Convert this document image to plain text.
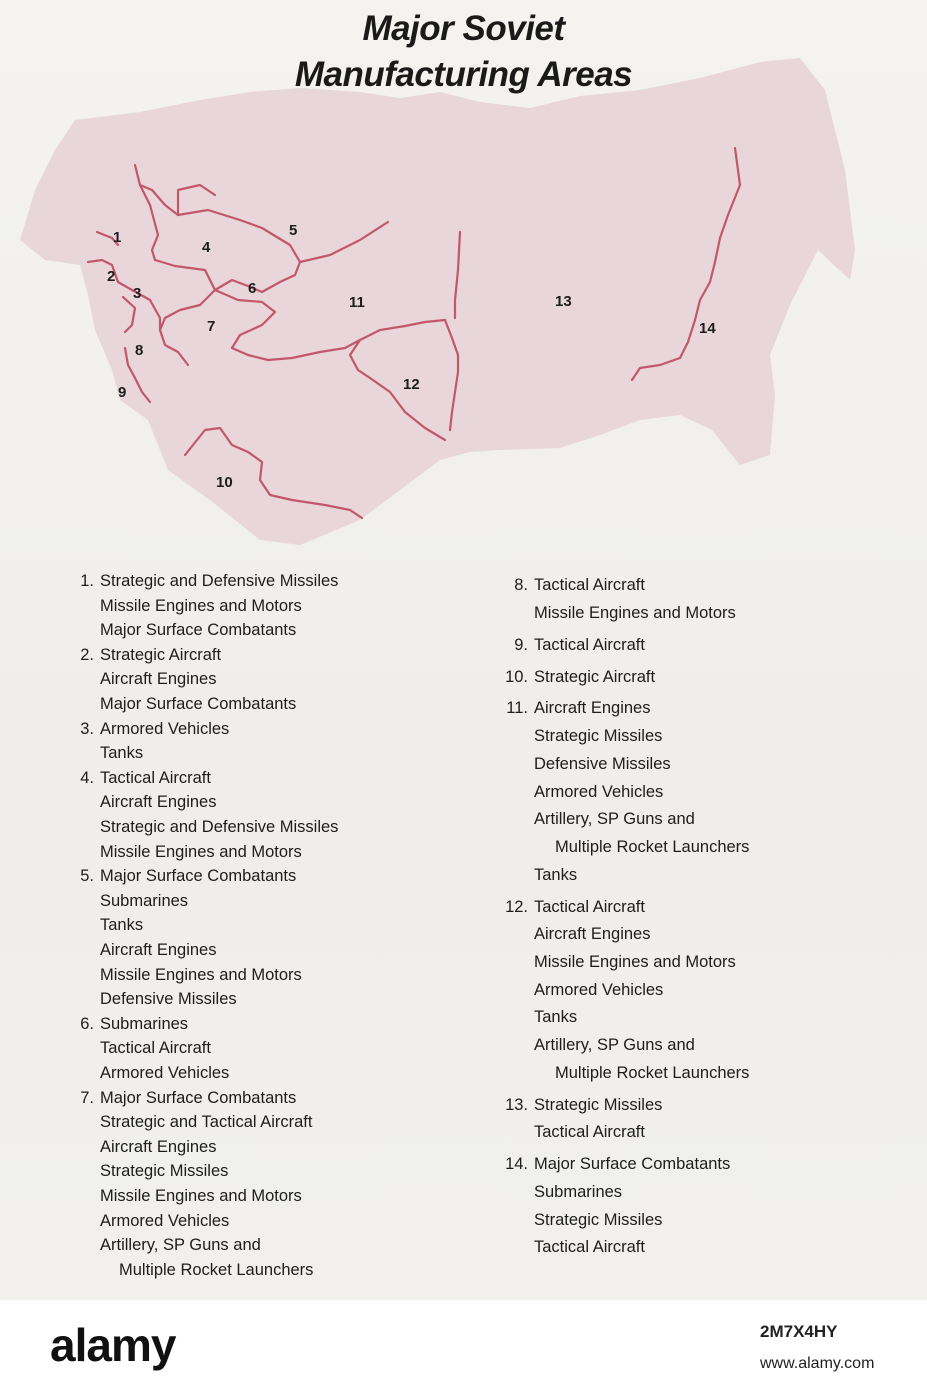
Major Soviet
Manufacturing Areas
1
2
3
4
5
6
7
8
9
10
11
12
13
14
1. Strategic and Defensive Missiles
Missile Engines and Motors
Major Surface Combatants
2. Strategic Aircraft
Aircraft Engines
Major Surface Combatants
3. Armored Vehicles
Tanks
4. Tactical Aircraft
Aircraft Engines
Strategic and Defensive Missiles
Missile Engines and Motors
5. Major Surface Combatants
Submarines
Tanks
Aircraft Engines
Missile Engines and Motors
Defensive Missiles
6. Submarines
Tactical Aircraft
Armored Vehicles
7. Major Surface Combatants
Strategic and Tactical Aircraft
Aircraft Engines
Strategic Missiles
Missile Engines and Motors
Armored Vehicles
Artillery, SP Guns and
Multiple Rocket Launchers
8. Tactical Aircraft
Missile Engines and Motors
9. Tactical Aircraft
10. Strategic Aircraft
11. Aircraft Engines
Strategic Missiles
Defensive Missiles
Armored Vehicles
Artillery, SP Guns and
Multiple Rocket Launchers
Tanks
12. Tactical Aircraft
Aircraft Engines
Missile Engines and Motors
Armored Vehicles
Tanks
Artillery, SP Guns and
Multiple Rocket Launchers
13. Strategic Missiles
Tactical Aircraft
14. Major Surface Combatants
Submarines
Strategic Missiles
Tactical Aircraft
alamy	2M7X4HY
www.alamy.com
